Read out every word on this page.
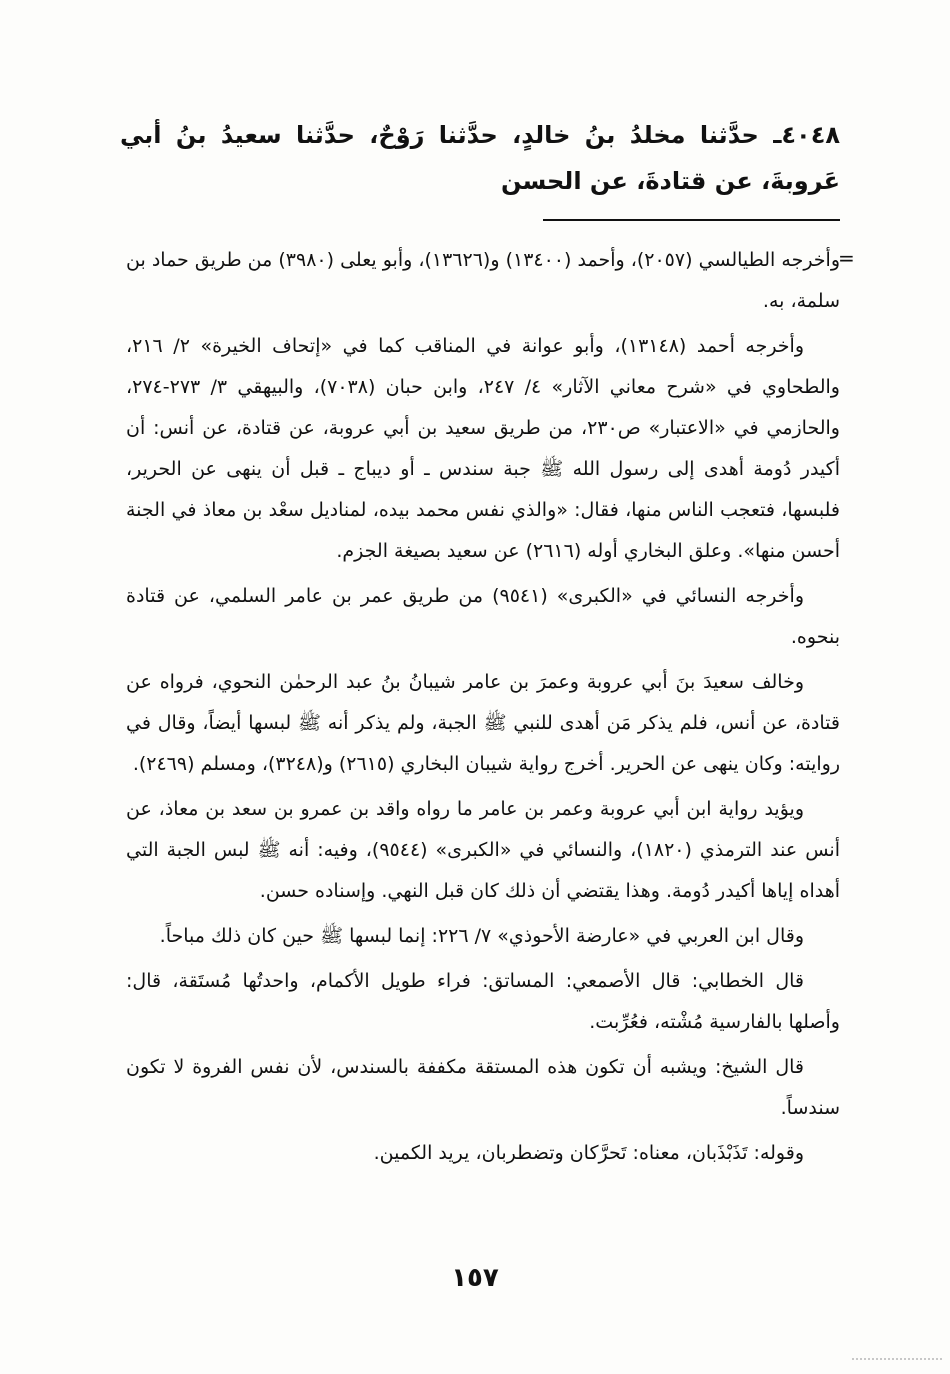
٤٠٤٨ـ حدَّثنا مخلدُ بنُ خالدٍ، حدَّثنا رَوْحٌ، حدَّثنا سعيدُ بنُ أبي عَروبةَ، عن قتادةَ، عن الحسن

=

وأخرجه الطيالسي (٢٠٥٧)، وأحمد (١٣٤٠٠) و(١٣٦٢٦)، وأبو يعلى (٣٩٨٠) من طريق حماد بن سلمة، به.

وأخرجه أحمد (١٣١٤٨)، وأبو عوانة في المناقب كما في «إتحاف الخيرة» ٢/ ٢١٦، والطحاوي في «شرح معاني الآثار» ٤/ ٢٤٧، وابن حبان (٧٠٣٨)، والبيهقي ٣/ ٢٧٣-٢٧٤، والحازمي في «الاعتبار» ص٢٣٠، من طريق سعيد بن أبي عروبة، عن قتادة، عن أنس: أن أكيدر دُومة أهدى إلى رسول الله ﷺ جبة سندس ـ أو ديباج ـ قبل أن ينهى عن الحرير، فلبسها، فتعجب الناس منها، فقال: «والذي نفس محمد بيده، لمناديل سعْد بن معاذ في الجنة أحسن منها». وعلق البخاري أوله (٢٦١٦) عن سعيد بصيغة الجزم.

وأخرجه النسائي في «الكبرى» (٩٥٤١) من طريق عمر بن عامر السلمي، عن قتادة بنحوه.

وخالف سعيدَ بنَ أبي عروبة وعمرَ بن عامر شيبانُ بنُ عبد الرحمٰن النحوي، فرواه عن قتادة، عن أنس، فلم يذكر مَن أهدى للنبي ﷺ الجبة، ولم يذكر أنه ﷺ لبسها أيضاً، وقال في روايته: وكان ينهى عن الحرير. أخرج رواية شيبان البخاري (٢٦١٥) و(٣٢٤٨)، ومسلم (٢٤٦٩).

ويؤيد رواية ابن أبي عروبة وعمر بن عامر ما رواه واقد بن عمرو بن سعد بن معاذ، عن أنس عند الترمذي (١٨٢٠)، والنسائي في «الكبرى» (٩٥٤٤)، وفيه: أنه ﷺ لبس الجبة التي أهداه إياها أكيدر دُومة. وهذا يقتضي أن ذلك كان قبل النهي. وإسناده حسن.

وقال ابن العربي في «عارضة الأحوذي» ٧/ ٢٢٦: إنما لبسها ﷺ حين كان ذلك مباحاً.

قال الخطابي: قال الأصمعي: المساتق: فراء طويل الأكمام، واحدتُها مُستَقة، قال: وأصلها بالفارسية مُشْته، فعُرِّبت.

قال الشيخ: ويشبه أن تكون هذه المستقة مكففة بالسندس، لأن نفس الفروة لا تكون سندساً.

وقوله: تَذَبْذَبان، معناه: تَحرَّكان وتضطربان، يريد الكمين.

١٥٧
